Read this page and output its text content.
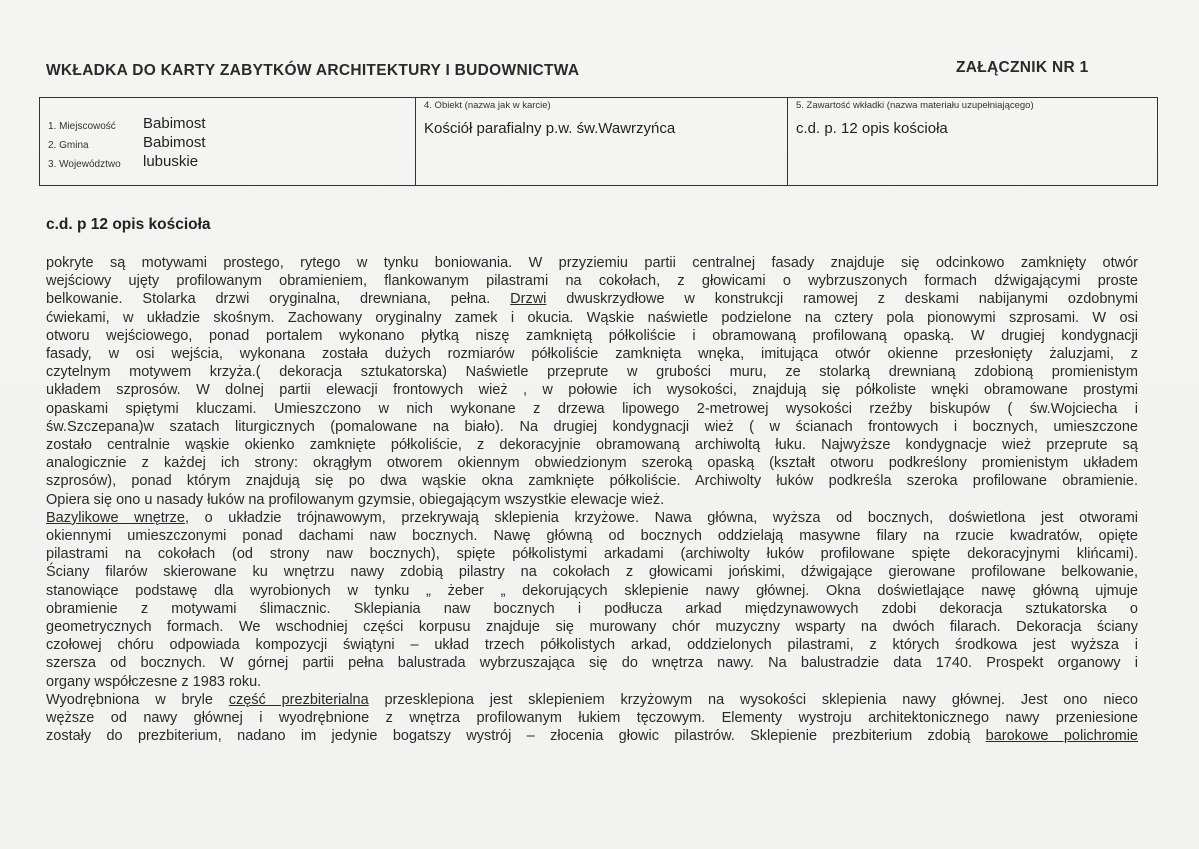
WKŁADKA DO KARTY ZABYTKÓW ARCHITEKTURY I BUDOWNICTWA	ZAŁĄCZNIK NR 1
1. Miejscowość Babimost
2. Gmina	Babimost
3. Województwo lubuskie
4. Obiekt (nazwa jak w karcie)
Kościół parafialny p.w. św.Wawrzyńca
5. Zawartość wkładki (nazwa materiału uzupełniającego)
c.d. p. 12 opis kościoła
c.d. p 12 opis kościoła
pokryte są motywami prostego, rytego w tynku boniowania. W przyziemiu partii centralnej fasady znajduje się odcinkowo zamknięty otwór
wejściowy ujęty profilowanym obramieniem, flankowanym pilastrami na cokołach, z głowicami o wybrzuszonych formach dźwigającymi proste
belkowanie. Stolarka drzwi oryginalna, drewniana, pełna. Drzwi dwuskrzydłowe w konstrukcji ramowej z deskami nabijanymi ozdobnymi
ćwiekami, w układzie skośnym. Zachowany oryginalny zamek i okucia. Wąskie naświetle podzielone na cztery pola pionowymi szprosami. W osi
otworu wejściowego, ponad portalem wykonano płytką niszę zamkniętą półkoliście i obramowaną profilowaną opaską. W drugiej kondygnacji
fasady, w osi wejścia, wykonana została dużych rozmiarów półkoliście zamknięta wnęka, imitująca otwór okienne przesłonięty żaluzjami, z
czytelnym motywem krzyża.( dekoracja sztukatorska) Naświetle przeprute w grubości muru, ze stolarką drewnianą zdobioną promienistym
układem szprosów. W dolnej partii elewacji frontowych wież , w połowie ich wysokości, znajdują się półkoliste wnęki obramowane prostymi
opaskami spiętymi kluczami. Umieszczono w nich wykonane z drzewa lipowego 2-metrowej wysokości rzeźby biskupów ( św.Wojciecha i
św.Szczepana)w szatach liturgicznych (pomalowane na biało). Na drugiej kondygnacji wież ( w ścianach frontowych i bocznych, umieszczone
zostało centralnie wąskie okienko zamknięte półkoliście, z dekoracyjnie obramowaną archiwoltą łuku. Najwyższe kondygnacje wież przeprute są
analogicznie z każdej ich strony: okrągłym otworem okiennym obwiedzionym szeroką opaską (kształt otworu podkreślony promienistym układem
szprosów), ponad którym znajdują się po dwa wąskie okna zamknięte półkoliście. Archiwolty łuków podkreśla szeroka profilowane obramienie.
Opiera się ono u nasady łuków na profilowanym gzymsie, obiegającym wszystkie elewacje wież.
Bazylikowe wnętrze, o układzie trójnawowym, przekrywają sklepienia krzyżowe. Nawa główna, wyższa od bocznych, doświetlona jest otworami
okiennymi umieszczonymi ponad dachami naw bocznych. Nawę główną od bocznych oddzielają masywne filary na rzucie kwadratów, opięte
pilastrami na cokołach (od strony naw bocznych), spięte półkolistymi arkadami (archiwolty łuków profilowane spięte dekoracyjnymi klińcami).
Ściany filarów skierowane ku wnętrzu nawy zdobią pilastry na cokołach z głowicami jońskimi, dźwigające gierowane profilowane belkowanie,
stanowiące podstawę dla wyrobionych w tynku „ żeber „ dekorujących sklepienie nawy głównej. Okna doświetlające nawę główną ujmuje
obramienie z motywami ślimacznic. Sklepiania naw bocznych i podłucza arkad międzynawowych zdobi dekoracja sztukatorska o
geometrycznych formach. We wschodniej części korpusu znajduje się murowany chór muzyczny wsparty na dwóch filarach. Dekoracja ściany
czołowej chóru odpowiada kompozycji świątyni – układ trzech półkolistych arkad, oddzielonych pilastrami, z których środkowa jest wyższa i
szersza od bocznych. W górnej partii pełna balustrada wybrzuszająca się do wnętrza nawy. Na balustradzie data 1740. Prospekt organowy i
organy współczesne z 1983 roku.
Wyodrębniona w bryle część prezbiterialna przesklepiona jest sklepieniem krzyżowym na wysokości sklepienia nawy głównej. Jest ono nieco
węższe od nawy głównej i wyodrębnione z wnętrza profilowanym łukiem tęczowym. Elementy wystroju architektonicznego nawy przeniesione
zostały do prezbiterium, nadano im jedynie bogatszy wystrój – złocenia głowic pilastrów. Sklepienie prezbiterium zdobią barokowe polichromie
